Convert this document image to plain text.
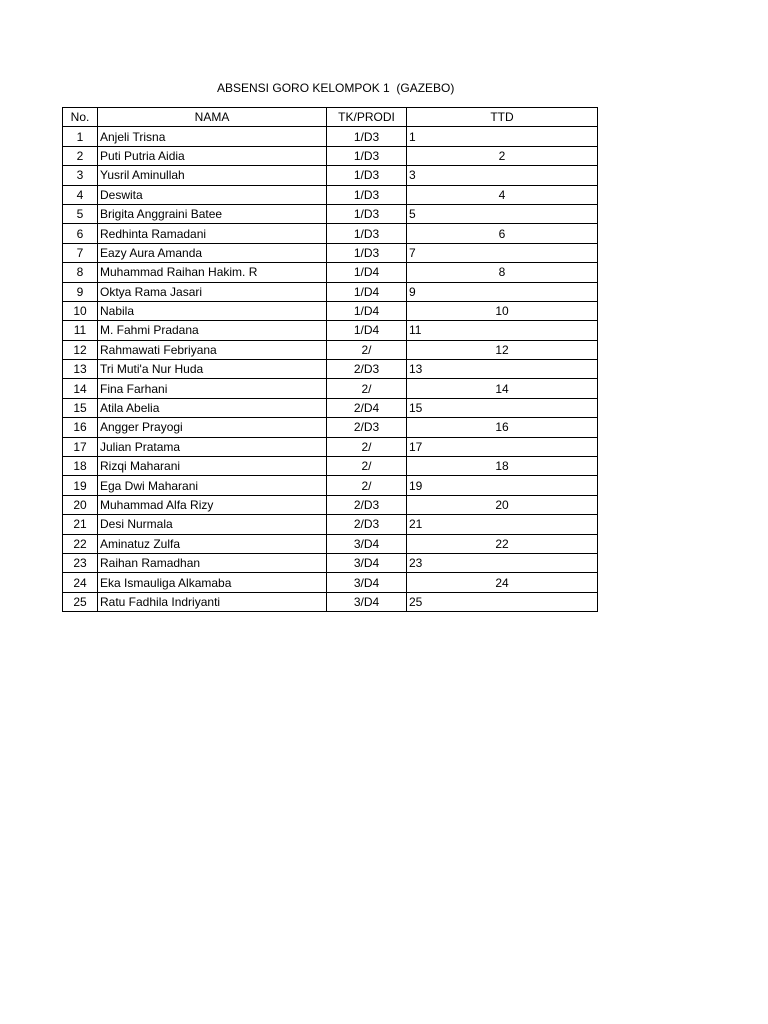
ABSENSI GORO KELOMPOK 1  (GAZEBO)
No.	NAMA	TK/PRODI	TTD
1	Anjeli Trisna	1/D3	1
2	Puti Putria Aidia	1/D3	2
3	Yusril Aminullah	1/D3	3
4	Deswita	1/D3	4
5	Brigita Anggraini Batee	1/D3	5
6	Redhinta Ramadani	1/D3	6
7	Eazy Aura Amanda	1/D3	7
8	Muhammad Raihan Hakim. R	1/D4	8
9	Oktya Rama Jasari	1/D4	9
10	Nabila	1/D4	10
11	M. Fahmi Pradana	1/D4	11
12	Rahmawati Febriyana	2/	12
13	Tri Muti'a Nur Huda	2/D3	13
14	Fina Farhani	2/	14
15	Atila Abelia	2/D4	15
16	Angger Prayogi	2/D3	16
17	Julian Pratama	2/	17
18	Rizqi Maharani	2/	18
19	Ega Dwi Maharani	2/	19
20	Muhammad Alfa Rizy	2/D3	20
21	Desi Nurmala	2/D3	21
22	Aminatuz Zulfa	3/D4	22
23	Raihan Ramadhan	3/D4	23
24	Eka Ismauliga Alkamaba	3/D4	24
25	Ratu Fadhila Indriyanti	3/D4	25
